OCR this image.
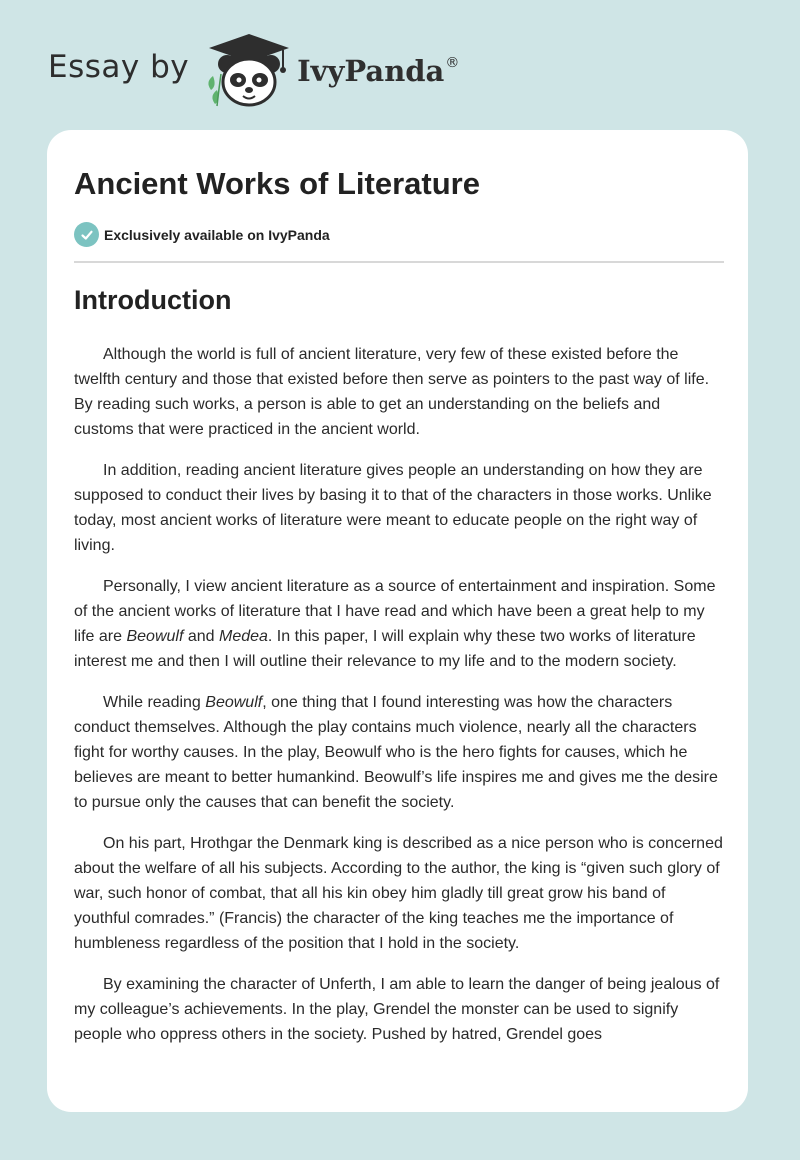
Essay by	IvyPanda®
Ancient Works of Literature
Exclusively available on IvyPanda
Introduction

Although the world is full of ancient literature, very few of these existed before the twelfth century and those that existed before then serve as pointers to the past way of life. By reading such works, a person is able to get an understanding on the beliefs and customs that were practiced in the ancient world.

In addition, reading ancient literature gives people an understanding on how they are supposed to conduct their lives by basing it to that of the characters in those works. Unlike today, most ancient works of literature were meant to educate people on the right way of living.

Personally, I view ancient literature as a source of entertainment and inspiration. Some of the ancient works of literature that I have read and which have been a great help to my life are Beowulf and Medea. In this paper, I will explain why these two works of literature interest me and then I will outline their relevance to my life and to the modern society.

While reading Beowulf, one thing that I found interesting was how the characters conduct themselves. Although the play contains much violence, nearly all the characters fight for worthy causes. In the play, Beowulf who is the hero fights for causes, which he believes are meant to better humankind. Beowulf’s life inspires me and gives me the desire to pursue only the causes that can benefit the society.

On his part, Hrothgar the Denmark king is described as a nice person who is concerned about the welfare of all his subjects. According to the author, the king is “given such glory of war, such honor of combat, that all his kin obey him gladly till great grow his band of youthful comrades.” (Francis) the character of the king teaches me the importance of humbleness regardless of the position that I hold in the society.

By examining the character of Unferth, I am able to learn the danger of being jealous of my colleague’s achievements. In the play, Grendel the monster can be used to signify people who oppress others in the society. Pushed by hatred, Grendel goes
